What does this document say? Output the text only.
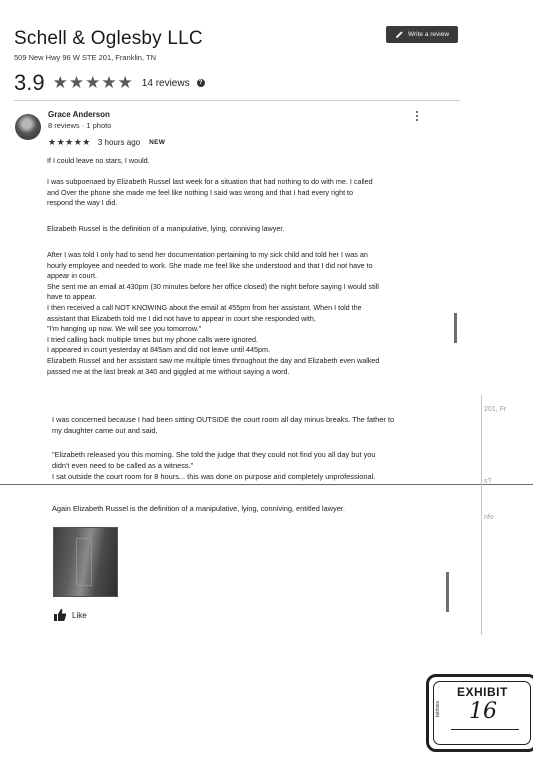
Schell & Oglesby LLC
509 New Hwy 96 W STE 201, Franklin, TN
Write a review
3.9 ★★★★★ 14 reviews	?
Grace Anderson
8 reviews · 1 photo
★★★★★ 3 hours ago NEW
If I could leave no stars, I would.
I was subpoenaed by Elizabeth Russel last week for a situation that had nothing to do with me. I called
and Over the phone she made me feel like nothing I said was wrong and that I had every right to
respond the way I did.
Elizabeth Russel is the definition of a manipulative, lying, conniving lawyer.
After I was told I only had to send her documentation pertaining to my sick child and told her I was an
hourly employee and needed to work. She made me feel like she understood and that I did not have to
appear in court.
She sent me an email at 430pm (30 minutes before her office closed) the night before saying I would still
have to appear.
I then received a call NOT KNOWING about the email at 455pm from her assistant. When I told the
assistant that Elizabeth told me I did not have to appear in court she responded with,
"I'm hanging up now. We will see you tomorrow."
I tried calling back multiple times but my phone calls were ignored.
I appeared in court yesterday at 845am and did not leave until 445pm.
Elizabeth Russel and her assistant saw me multiple times throughout the day and Elizabeth even walked
passed me at the last break at 340 and giggled at me without saying a word.
I was concerned because I had been sitting OUTSIDE the court room all day minus breaks. The father to
my daughter came out and said,
"Elizabeth released you this morning. She told the judge that they could not find you all day but you
didn't even need to be called as a witness."
I sat outside the court room for 8 hours... this was done on purpose and completely unprofessional.
Again Elizabeth Russel is the definition of a manipulative, lying, conniving, entitled lawyer.
Like
201, Fr
s?
nfo
EXHIBIT
16
tabbies
